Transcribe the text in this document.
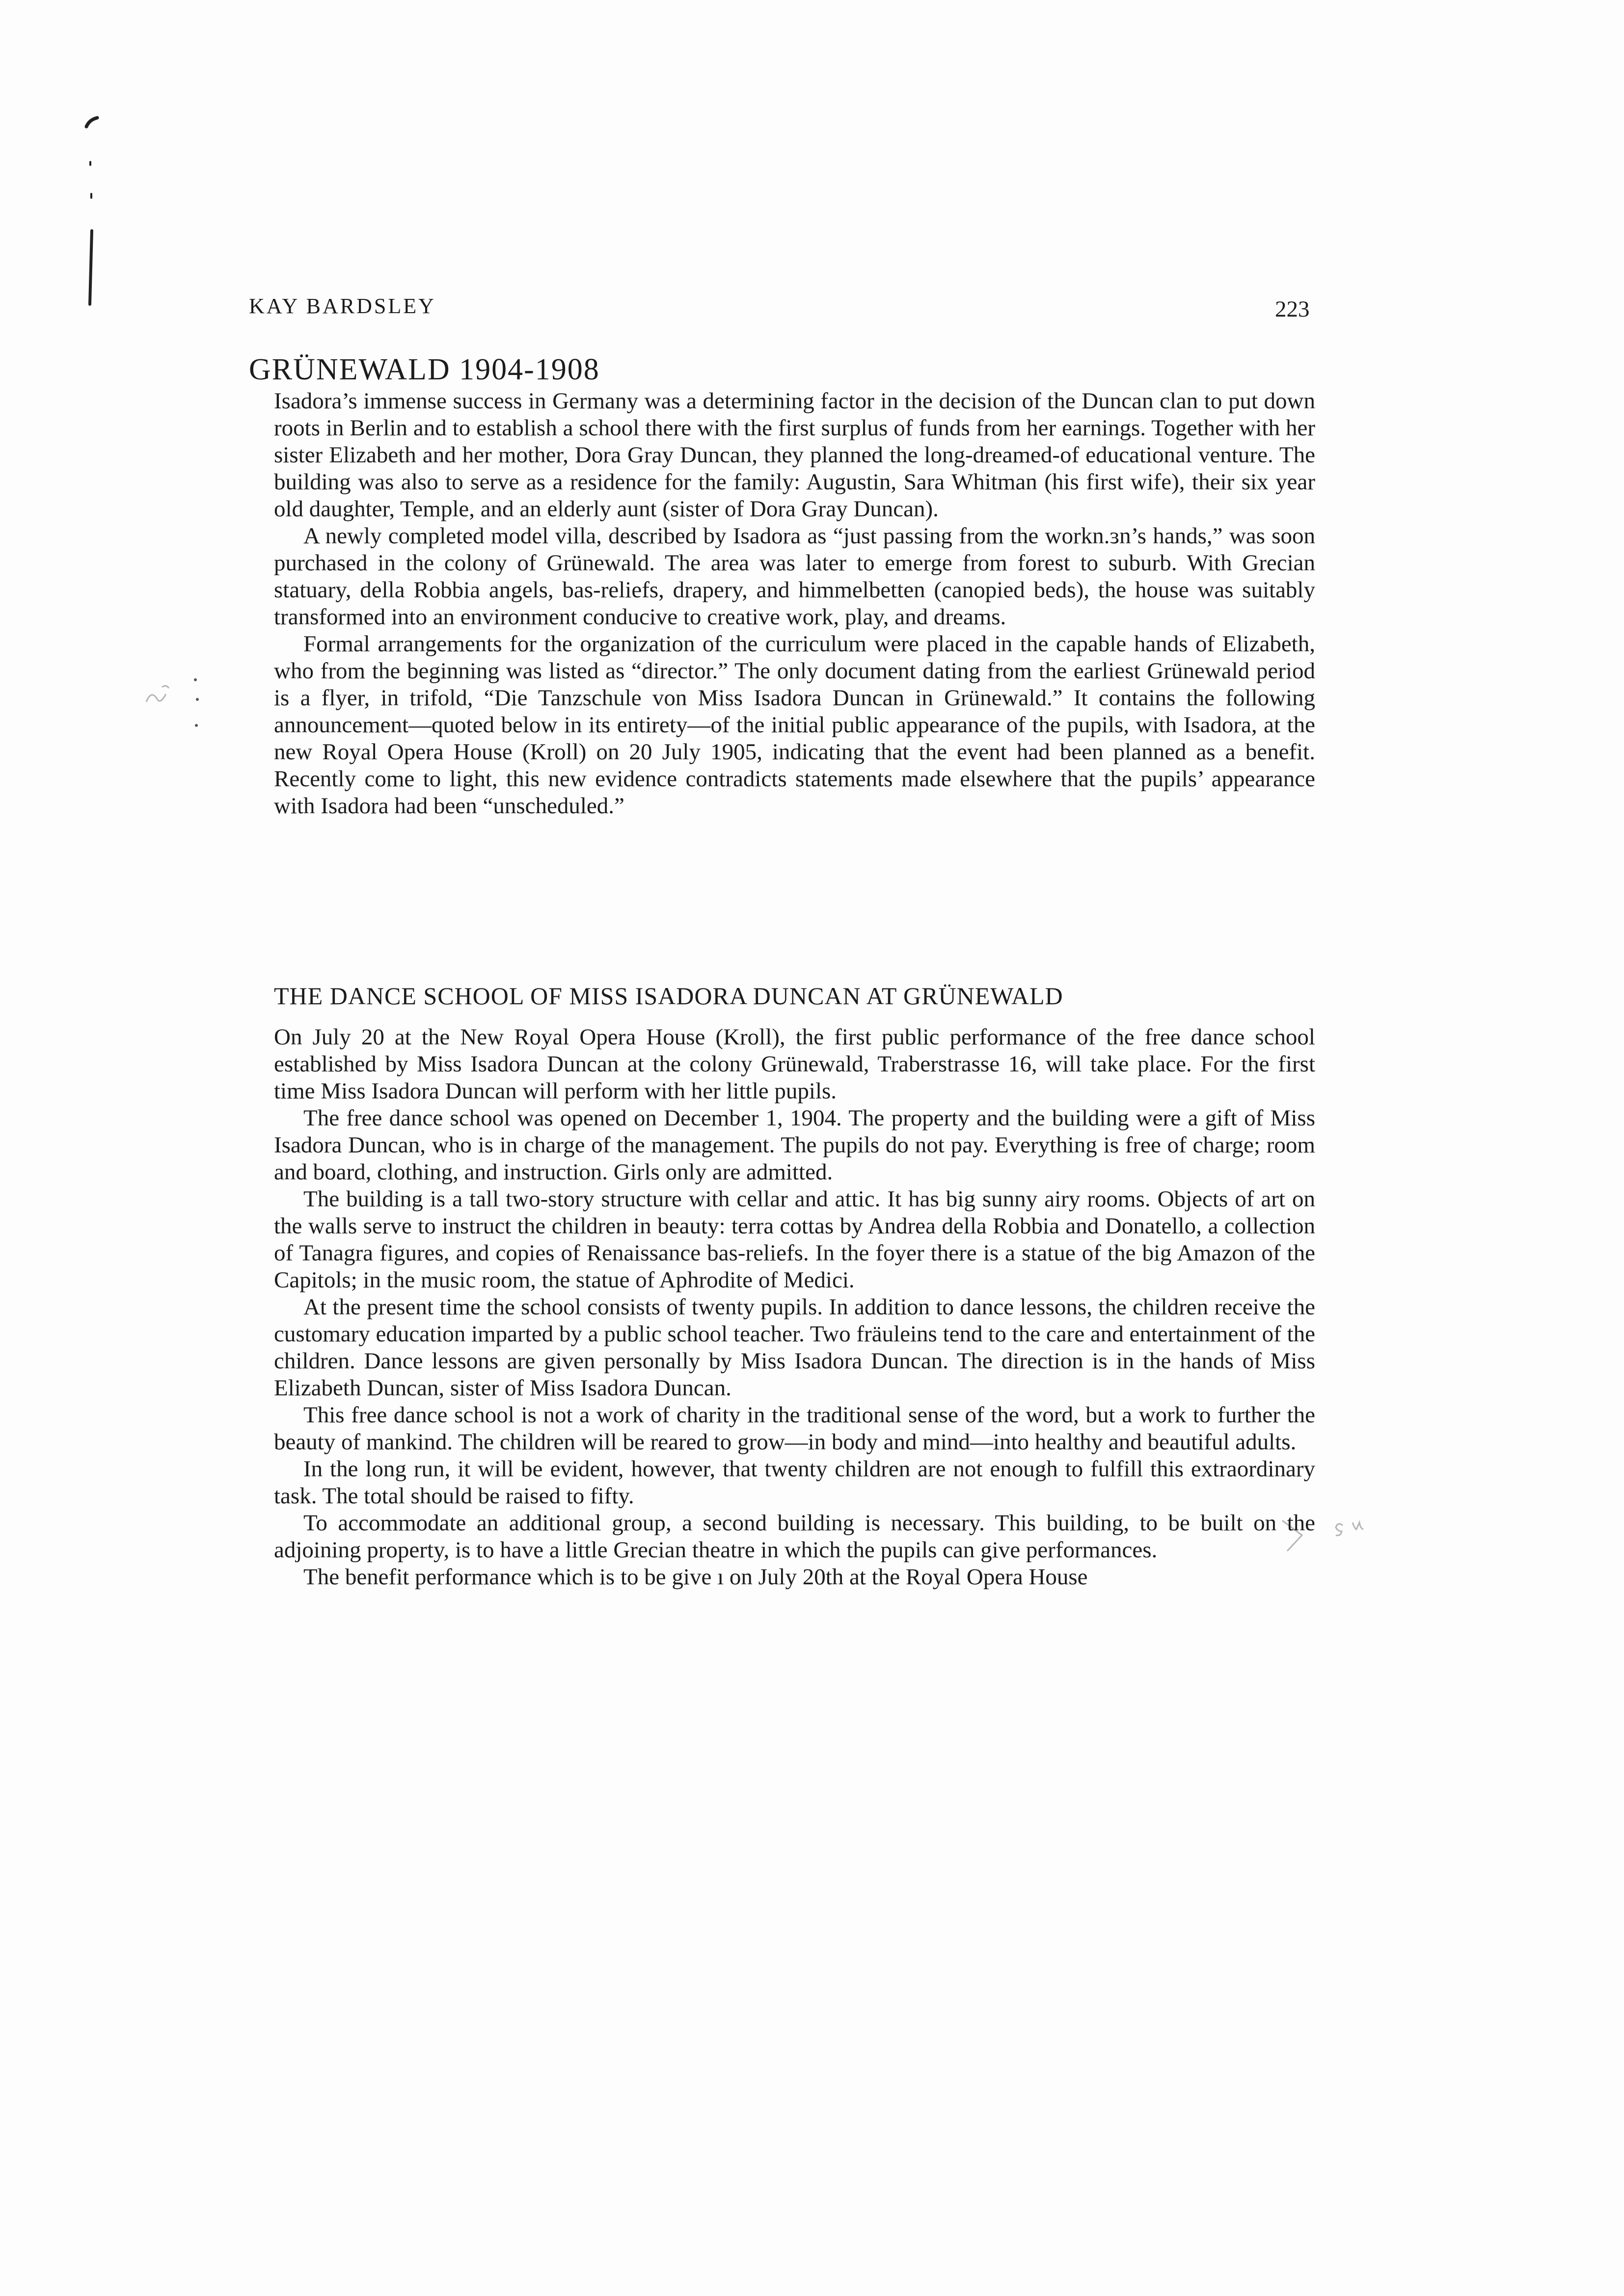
KAY BARDSLEY	223
GRÜNEWALD 1904-1908

Isadora’s immense success in Germany was a determining factor in the decision of the Duncan clan to put down roots in Berlin and to establish a school there with the first surplus of funds from her earnings. Together with her sister Elizabeth and her mother, Dora Gray Duncan, they planned the long-dreamed-of educational venture. The building was also to serve as a residence for the family: Augustin, Sara Whitman (his first wife), their six year old daughter, Temple, and an elderly aunt (sister of Dora Gray Duncan).

A newly completed model villa, described by Isadora as “just passing from the workn.ɜn’s hands,” was soon purchased in the colony of Grünewald. The area was later to emerge from forest to suburb. With Grecian statuary, della Robbia angels, bas-reliefs, drapery, and himmelbetten (canopied beds), the house was suitably transformed into an environment conducive to creative work, play, and dreams.

Formal arrangements for the organization of the curriculum were placed in the capable hands of Elizabeth, who from the beginning was listed as “director.” The only document dating from the earliest Grünewald period is a flyer, in trifold, “Die Tanzschule von Miss Isadora Duncan in Grünewald.” It contains the following announcement—quoted below in its entirety—of the initial public appearance of the pupils, with Isadora, at the new Royal Opera House (Kroll) on 20 July 1905, indicating that the event had been planned as a benefit. Recently come to light, this new evidence contradicts statements made elsewhere that the pupils’ appearance with Isadora had been “unscheduled.”

THE DANCE SCHOOL OF MISS ISADORA DUNCAN AT GRÜNEWALD

On July 20 at the New Royal Opera House (Kroll), the first public performance of the free dance school established by Miss Isadora Duncan at the colony Grünewald, Traberstrasse 16, will take place. For the first time Miss Isadora Duncan will perform with her little pupils.

The free dance school was opened on December 1, 1904. The property and the building were a gift of Miss Isadora Duncan, who is in charge of the management. The pupils do not pay. Everything is free of charge; room and board, clothing, and instruction. Girls only are admitted.

The building is a tall two-story structure with cellar and attic. It has big sunny airy rooms. Objects of art on the walls serve to instruct the children in beauty: terra cottas by Andrea della Robbia and Donatello, a collection of Tanagra figures, and copies of Renaissance bas-reliefs. In the foyer there is a statue of the big Amazon of the Capitols; in the music room, the statue of Aphrodite of Medici.

At the present time the school consists of twenty pupils. In addition to dance lessons, the children receive the customary education imparted by a public school teacher. Two fräuleins tend to the care and entertainment of the children. Dance lessons are given personally by Miss Isadora Duncan. The direction is in the hands of Miss Elizabeth Duncan, sister of Miss Isadora Duncan.

This free dance school is not a work of charity in the traditional sense of the word, but a work to further the beauty of mankind. The children will be reared to grow—in body and mind—into healthy and beautiful adults.

In the long run, it will be evident, however, that twenty children are not enough to fulfill this extraordinary task. The total should be raised to fifty.

To accommodate an additional group, a second building is necessary. This building, to be built on the adjoining property, is to have a little Grecian theatre in which the pupils can give performances.

The benefit performance which is to be give ı on July 20th at the Royal Opera House
